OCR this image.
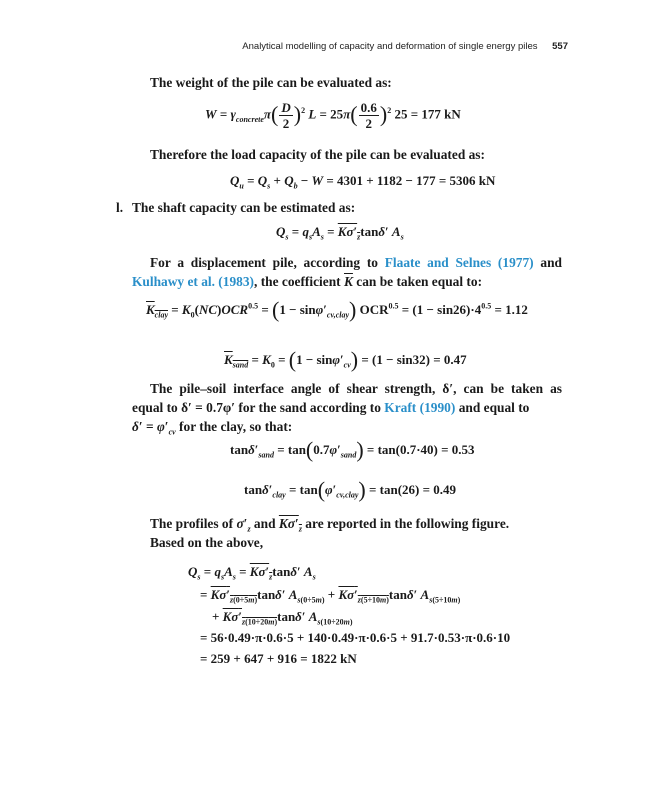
Analytical modelling of capacity and deformation of single energy piles 557
The weight of the pile can be evaluated as:
$W = \gamma_{concrete}\pi( \frac{D}{2} )^2$ $L = 25\pi( \frac{0.6}{2} )^2$ 25 = 177 kN
Therefore the load capacity of the pile can be evaluated as:
$Q_u = Q_s + Q_b - W = 4301 + 1182 - 177 = 5306$ kN
l. The shaft capacity can be estimated as:
$Q_s = q_sA_s = K\sigma'_z\tan\delta'$ $A_s$
For a displacement pile, according to Flaate and Selnes (1977) and
Kulhawy et al. (1983), the coefficient $\overline{K}$ can be taken equal to:
$K_{clay} = K_0(NC)OCR^{0.5} = (1 - \sin\varphi'_{cv,clay}) OCR^{0.5} = (1 - \sin 26)\cdot 4^{0.5} = 1.12$
$K_{sand} = K_0 = (1 - \sin\varphi'_{cv}) = (1 - \sin 32) = 0.47$
The pile–soil interface angle of shear strength, δ′, can be taken as
equal to δ′ = 0.7φ′ for the sand according to Kraft (1990) and equal to
$\delta' = \varphi'_{cv}$ for the clay, so that:
$\tan\delta'_{sand} = \tan(0.7\varphi'_{sand}) = \tan(0.7\cdot 40) = 0.53$
$\tan\delta'_{clay} = \tan(\varphi'_{cv,clay}) = \tan(26) = 0.49$
The profiles of $\sigma'_z$ and $K\sigma'_z$ are reported in the following figure.
Based on the above,
$Q_s = q_sA_s = K\sigma'_z\tan\delta'$ $A_s$
= $K\sigma'_{z(0\div 5m)}\tan\delta'$ $A_{s(0\div 5m)} + K\sigma'_{z(5\div 10m)}\tan\delta'$ $A_{s(5\div 10m)}$
+ $K\sigma'_{z(10\div 20m)}\tan\delta'$ $A_{s(10\div 20m)}$
= 56·0.49·π·0.6·5 + 140·0.49·π·0.6·5 + 91.7·0.53·π·0.6·10
= 259 + 647 + 916 = 1822 kN
